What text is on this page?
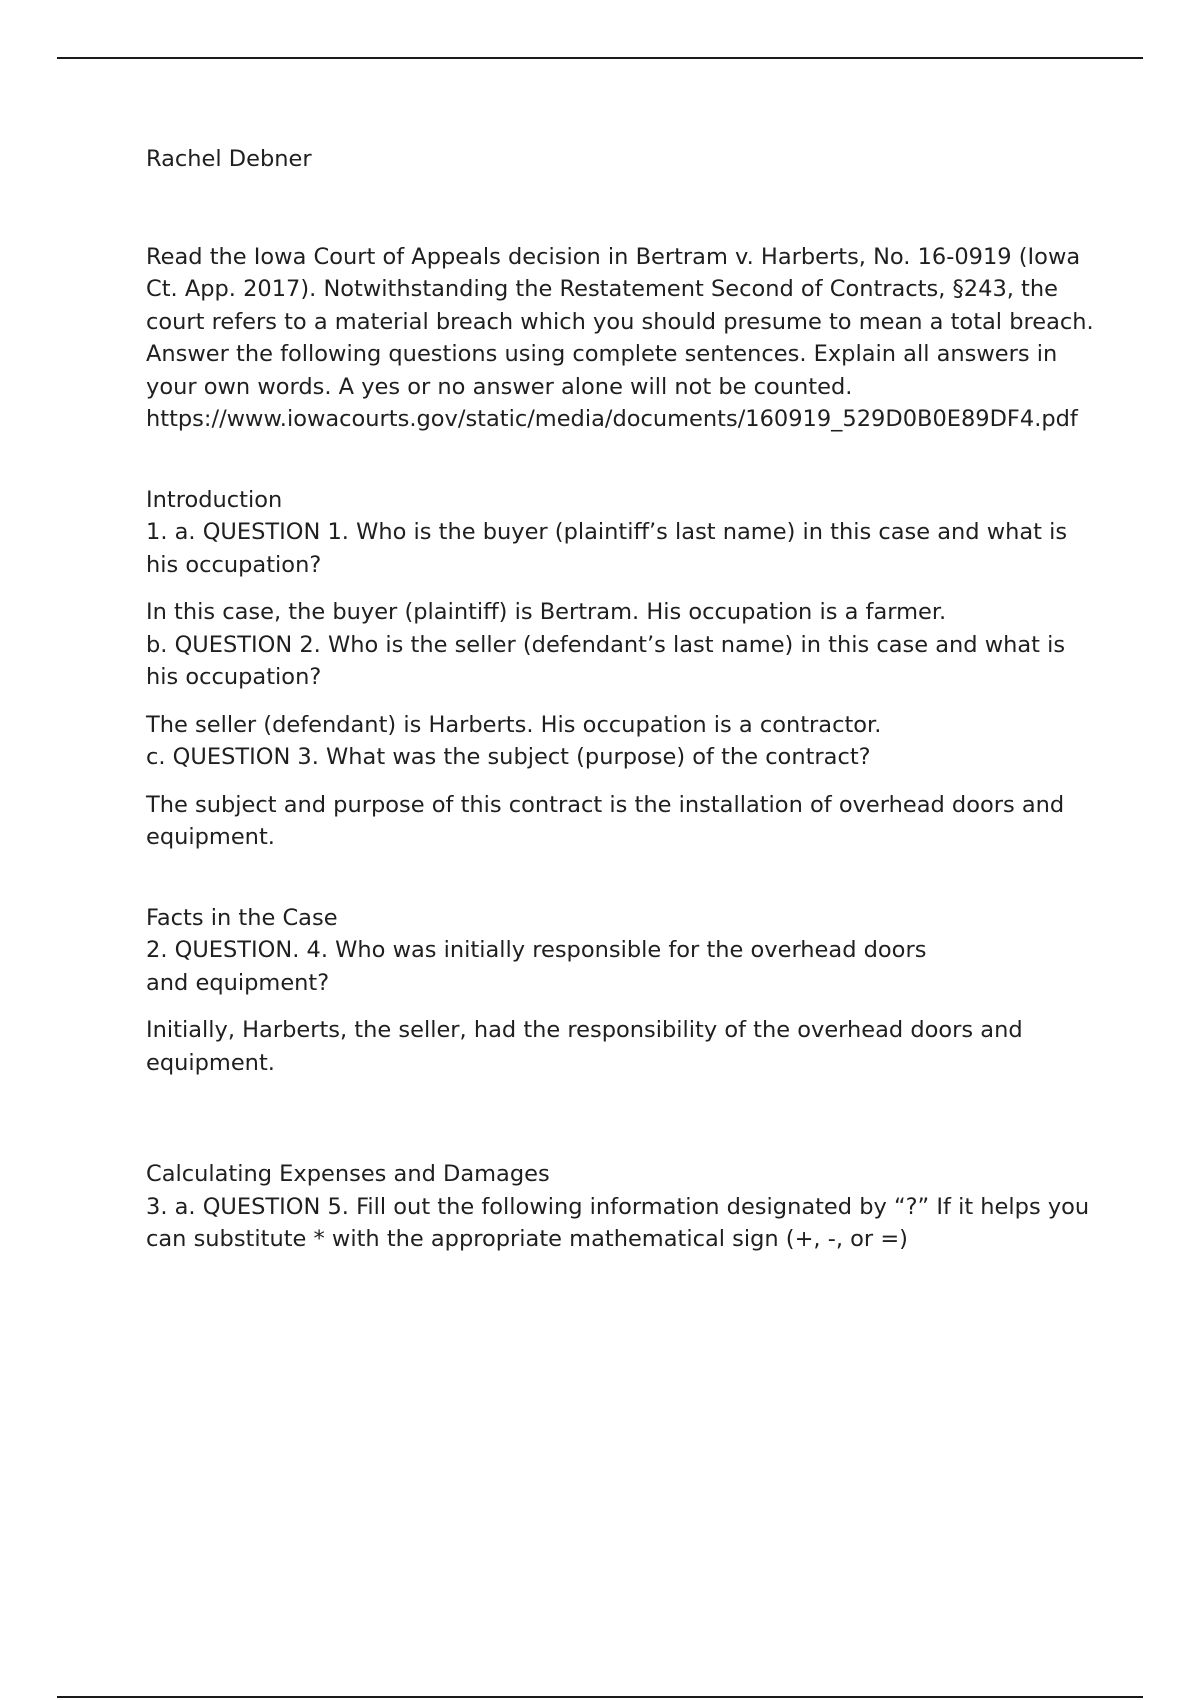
Rachel Debner

Read the Iowa Court of Appeals decision in Bertram v. Harberts, No. 16-0919 (Iowa Ct. App. 2017). Notwithstanding the Restatement Second of Contracts, §243, the court refers to a material breach which you should presume to mean a total breach. Answer the following questions using complete sentences. Explain all answers in your own words. A yes or no answer alone will not be counted.

https://www.iowacourts.gov/static/media/documents/160919_529D0B0E89DF4.pdf

Introduction

1. a. QUESTION 1. Who is the buyer (plaintiff’s last name) in this case and what is his occupation?

In this case, the buyer (plaintiff) is Bertram. His occupation is a farmer.

b. QUESTION 2. Who is the seller (defendant’s last name) in this case and what is his occupation?

The seller (defendant) is Harberts. His occupation is a contractor.

c. QUESTION 3. What was the subject (purpose) of the contract?

The subject and purpose of this contract is the installation of overhead doors and equipment.

Facts in the Case

2. QUESTION. 4. Who was initially responsible for the overhead doors

and equipment?

Initially, Harberts, the seller, had the responsibility of the overhead doors and equipment.

Calculating Expenses and Damages

3. a. QUESTION 5. Fill out the following information designated by “?” If it helps you can substitute * with the appropriate mathematical sign (+, -, or =)
